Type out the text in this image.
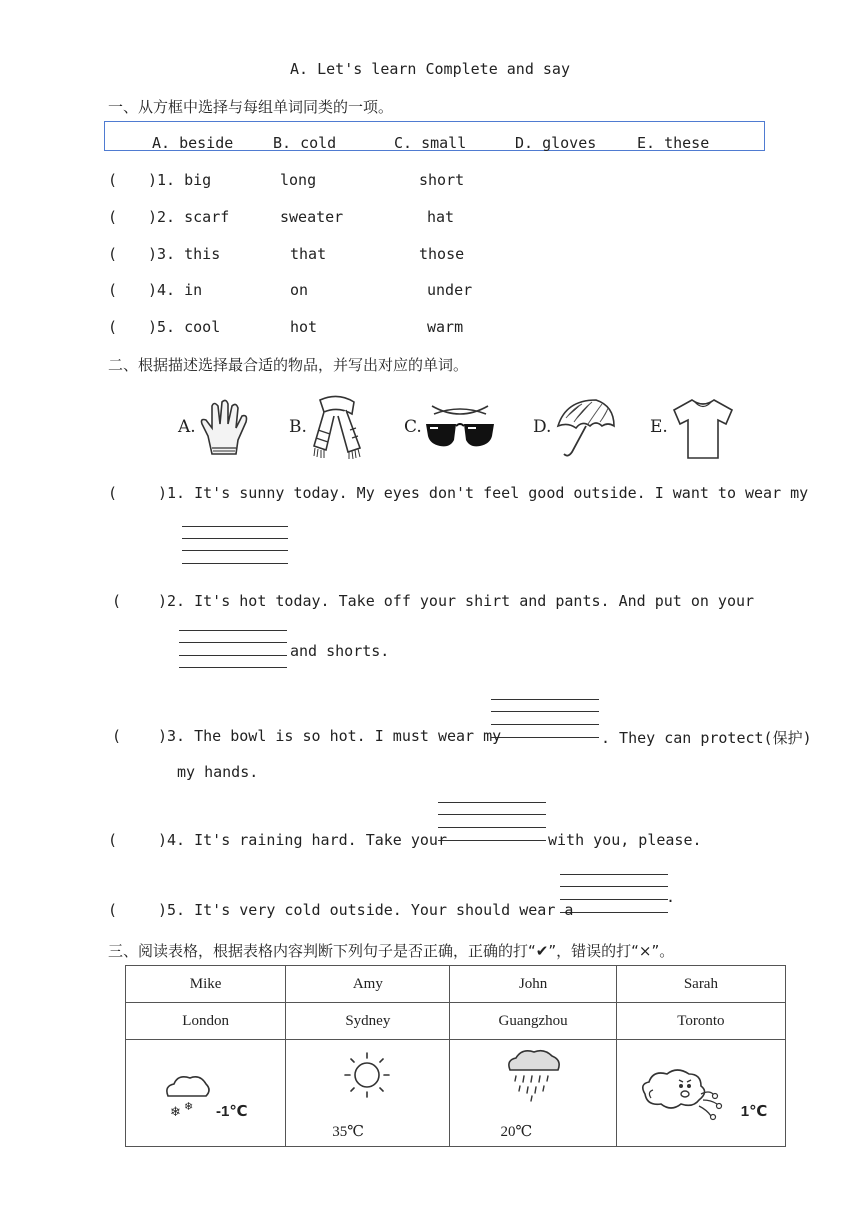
A. Let's learn Complete and say
一、从方框中选择与每组单词同类的一项。
A. beside	B. cold	C. small	D. gloves	E. these
( )1. big	long	short
( )2. scarf	sweater	hat
( )3. this	that	those
( )4. in	on	under
( )5. cool	hot	warm
二、根据描述选择最合适的物品，并写出对应的单词。
A.	B.	C.	D.	E.
(	)1. It's sunny today. My eyes don't feel good outside. I want to wear my
( )2. It's hot today. Take off your shirt and pants. And put on your
and shorts.
( )3. The bowl is so hot. I must wear my	. They can protect(保护)
my hands.
(	)4. It's raining hard. Take your	with you, please.
(	)5. It's very cold outside. Your should wear a
.
三、阅读表格，根据表格内容判断下列句子是否正确，正确的打“✔”，错误的打“×”。
Mike	Amy	John	Sarah
London	Sydney	Guangzhou	Toronto

❄ ❄ -1℃	35℃	20℃	1℃
